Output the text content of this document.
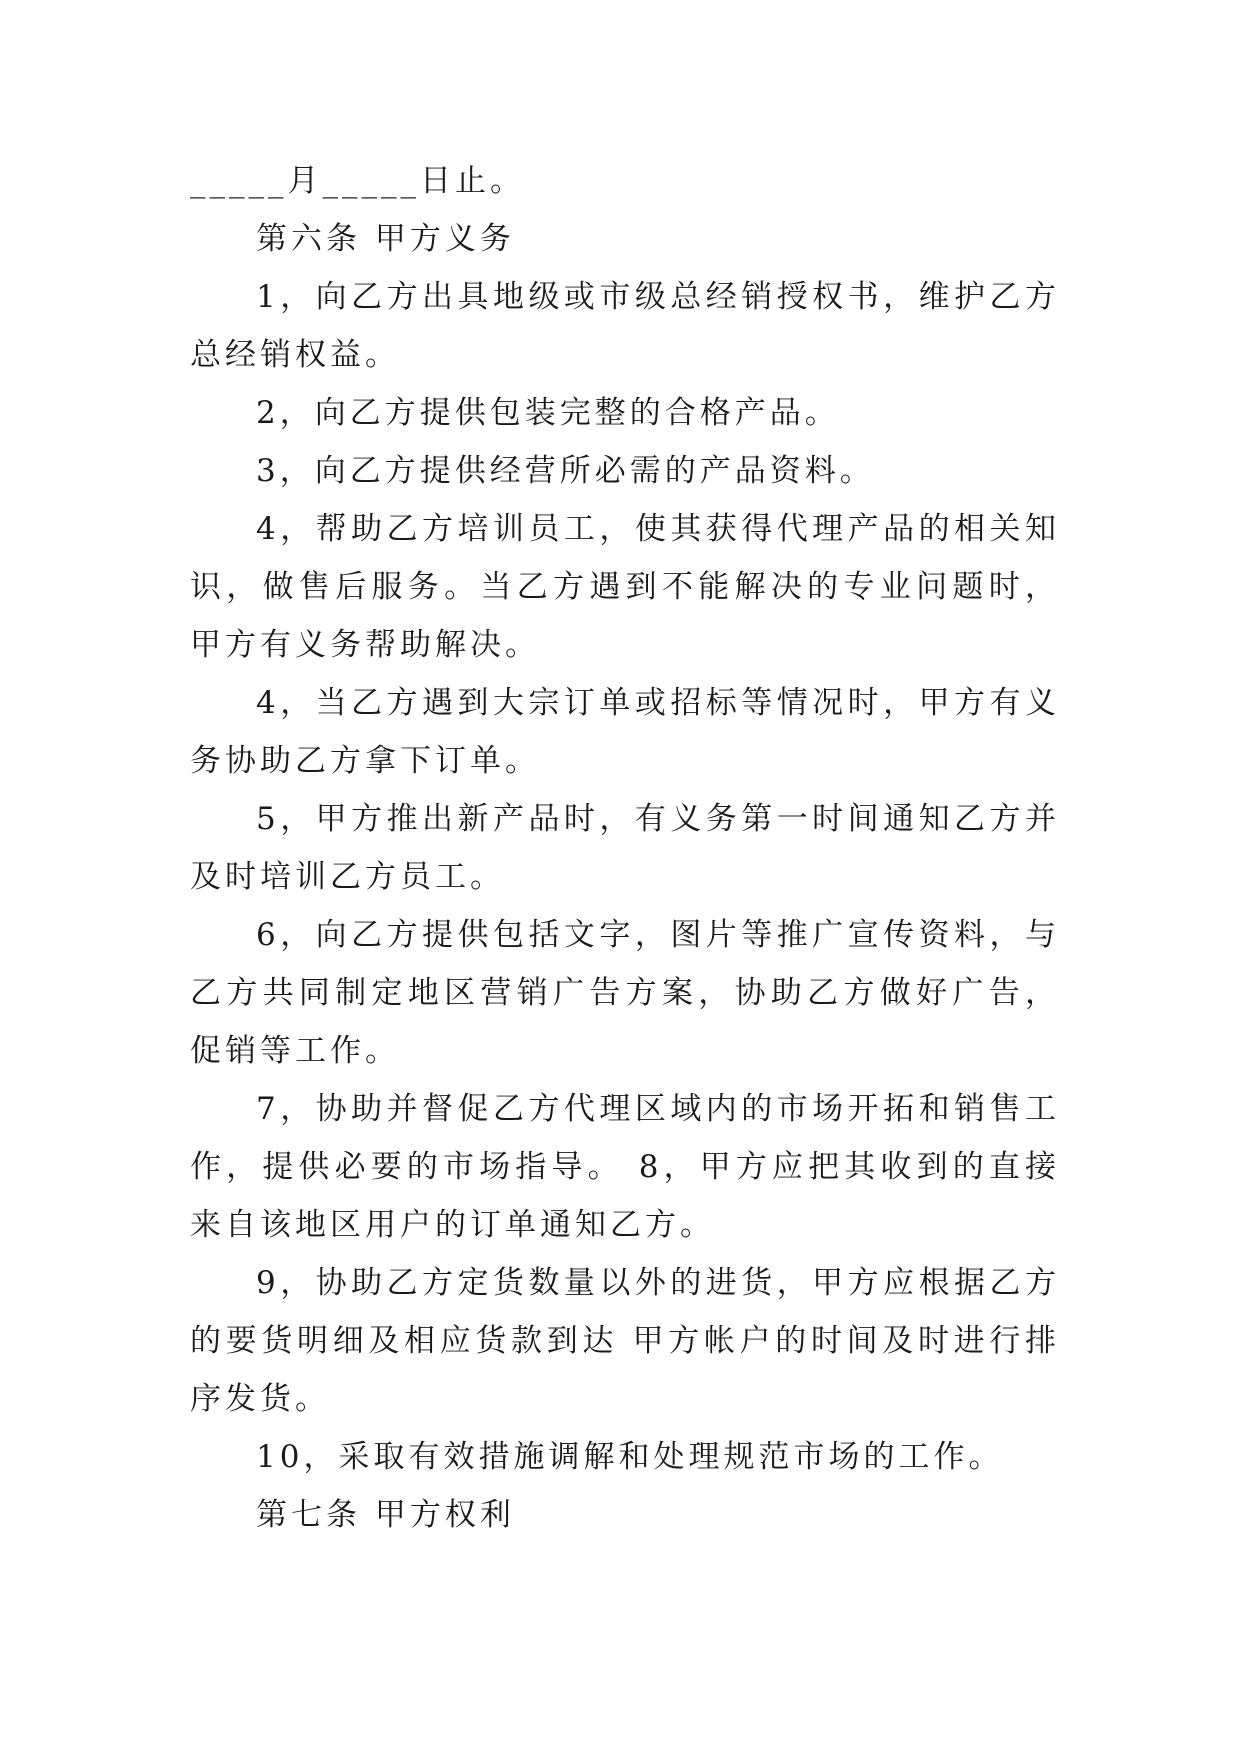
_____月_____日止。

第六条 甲方义务

1，向乙方出具地级或市级总经销授权书，维护乙方总经销权益。

2，向乙方提供包装完整的合格产品。

3，向乙方提供经营所必需的产品资料。

4，帮助乙方培训员工，使其获得代理产品的相关知识，做售后服务。当乙方遇到不能解决的专业问题时，甲方有义务帮助解决。

4，当乙方遇到大宗订单或招标等情况时，甲方有义务协助乙方拿下订单。

5，甲方推出新产品时，有义务第一时间通知乙方并及时培训乙方员工。

6，向乙方提供包括文字，图片等推广宣传资料，与乙方共同制定地区营销广告方案，协助乙方做好广告，促销等工作。

7，协助并督促乙方代理区域内的市场开拓和销售工作，提供必要的市场指导。 8，甲方应把其收到的直接来自该地区用户的订单通知乙方。

9，协助乙方定货数量以外的进货，甲方应根据乙方的要货明细及相应货款到达 甲方帐户的时间及时进行排序发货。

10，采取有效措施调解和处理规范市场的工作。

第七条 甲方权利
